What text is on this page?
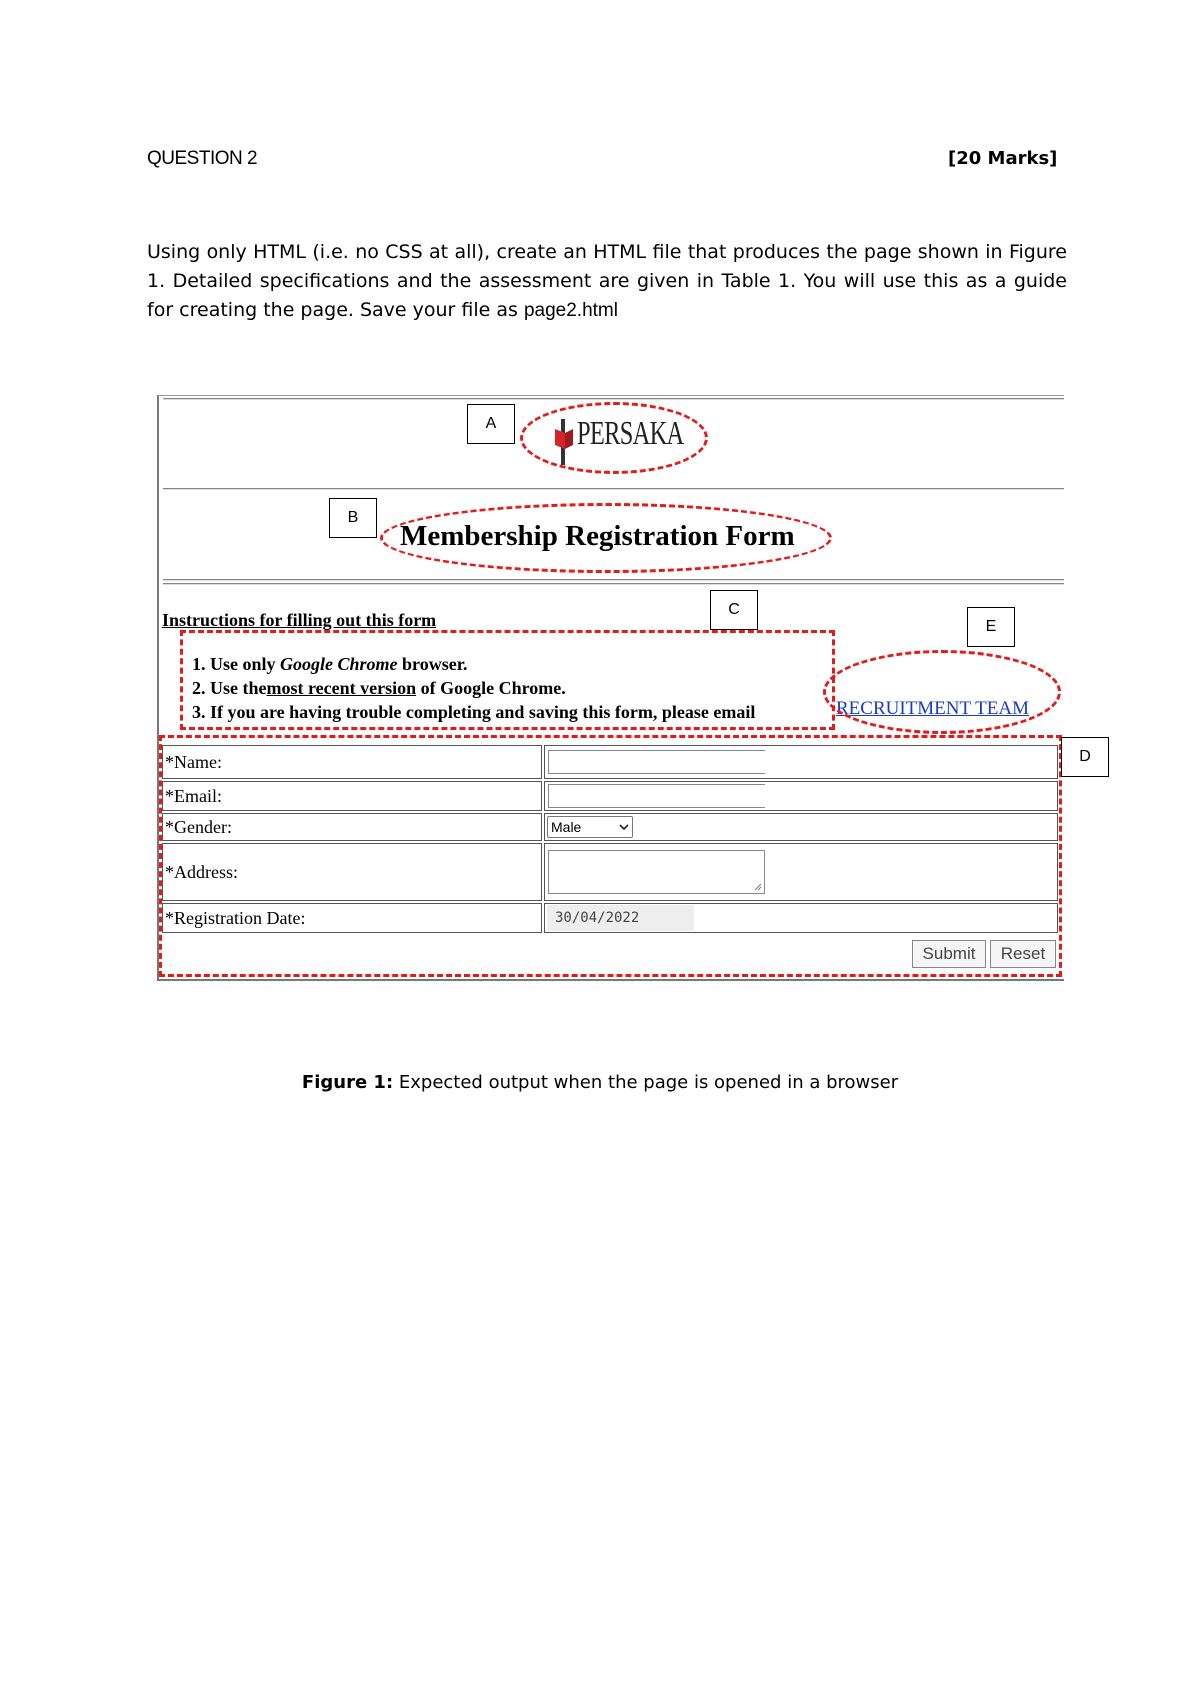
QUESTION 2	[20 Marks]
Using only HTML (i.e. no CSS at all), create an HTML file that produces the page shown in Figure 1. Detailed specifications and the assessment are given in Table 1. You will use this as a guide for creating the page. Save your file as page2.html
PERSAKA
Membership Registration Form
Instructions for filling out this form
1. Use only Google Chrome browser.
2. Use themost recent version of Google Chrome.
3. If you are having trouble completing and saving this form, please email	RECRUITMENT TEAM
*Name:	

*Email:	

*Gender:	Male

*Address:	

*Registration Date:	30/04/2022
Submit	Reset
A
B
C
E
D
Figure 1: Expected output when the page is opened in a browser
